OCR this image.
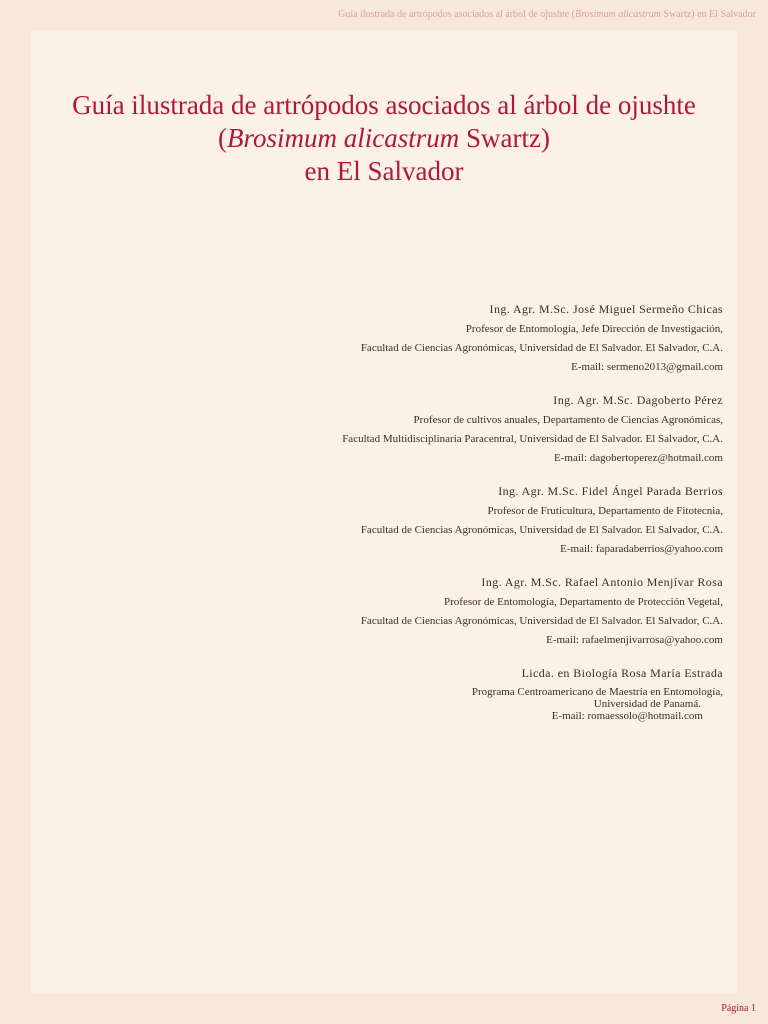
Guía ilustrada de artrópodos asociados al árbol de ojushte (Brosimum alicastrum Swartz) en El Salvador
Guía ilustrada de artrópodos asociados al árbol de ojushte
(Brosimum alicastrum Swartz)
en El Salvador
Ing. Agr. M.Sc. José Miguel Sermeño Chicas
Profesor de Entomología, Jefe Dirección de Investigación,
Facultad de Ciencias Agronómicas, Universidad de El Salvador. El Salvador, C.A.
E-mail: sermeno2013@gmail.com
Ing. Agr. M.Sc. Dagoberto Pérez
Profesor de cultivos anuales, Departamento de Ciencias Agronómicas,
Facultad Multidisciplinaria Paracentral, Universidad de El Salvador. El Salvador, C.A.
E-mail: dagobertoperez@hotmail.com
Ing. Agr. M.Sc. Fidel Ángel Parada Berrios
Profesor de Fruticultura, Departamento de Fitotecnia,
Facultad de Ciencias Agronómicas, Universidad de El Salvador. El Salvador, C.A.
E-mail: faparadaberrios@yahoo.com
Ing. Agr. M.Sc. Rafael Antonio Menjívar Rosa
Profesor de Entomología, Departamento de Protección Vegetal,
Facultad de Ciencias Agronómicas, Universidad de El Salvador. El Salvador, C.A.
E-mail: rafaelmenjivarrosa@yahoo.com
Licda. en Biología Rosa María Estrada
Programa Centroamericano de Maestría en Entomología,
Universidad de Panamá.
E-mail: romaessolo@hotmail.com
Página 1
